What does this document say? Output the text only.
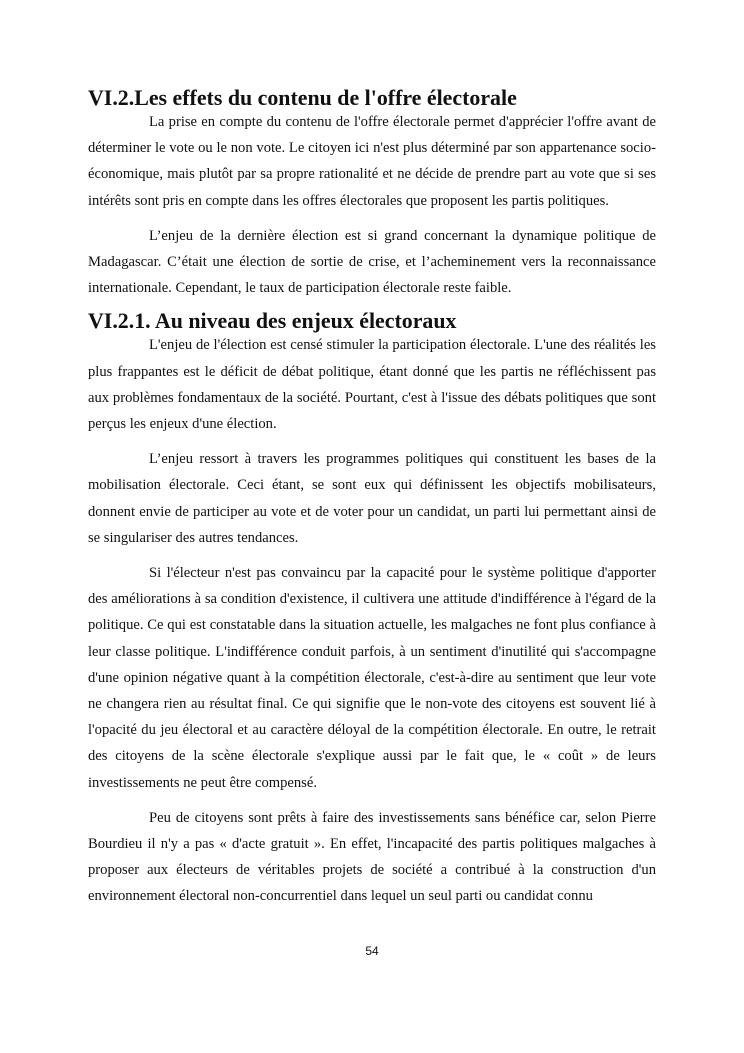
VI.2.Les effets du contenu de l'offre électorale

La prise en compte du contenu de l'offre électorale permet d'apprécier l'offre avant de déterminer le vote ou le non vote. Le citoyen ici n'est plus déterminé par son appartenance socio-économique, mais plutôt par sa propre rationalité et ne décide de prendre part au vote que si ses intérêts sont pris en compte dans les offres électorales que proposent les partis politiques.

L’enjeu de la dernière élection est si grand concernant la dynamique politique de Madagascar. C’était une élection de sortie de crise, et l’acheminement vers la reconnaissance internationale. Cependant, le taux de participation électorale reste faible.

VI.2.1. Au niveau des enjeux électoraux

L'enjeu de l'élection est censé stimuler la participation électorale. L'une des réalités les plus frappantes est le déficit de débat politique, étant donné que les partis ne réfléchissent pas aux problèmes fondamentaux de la société. Pourtant, c'est à l'issue des débats politiques que sont perçus les enjeux d'une élection.

L’enjeu ressort à travers les programmes politiques qui constituent les bases de la mobilisation électorale. Ceci étant, se sont eux qui définissent les objectifs mobilisateurs, donnent envie de participer au vote et de voter pour un candidat, un parti lui permettant ainsi de se singulariser des autres tendances.

Si l'électeur n'est pas convaincu par la capacité pour le système politique d'apporter des améliorations à sa condition d'existence, il cultivera une attitude d'indifférence à l'égard de la politique. Ce qui est constatable dans la situation actuelle, les malgaches ne font plus confiance à leur classe politique. L'indifférence conduit parfois, à un sentiment d'inutilité qui s'accompagne d'une opinion négative quant à la compétition électorale, c'est-à-dire au sentiment que leur vote ne changera rien au résultat final. Ce qui signifie que le non-vote des citoyens est souvent lié à l'opacité du jeu électoral et au caractère déloyal de la compétition électorale. En outre, le retrait des citoyens de la scène électorale s'explique aussi par le fait que, le « coût » de leurs investissements ne peut être compensé.

Peu de citoyens sont prêts à faire des investissements sans bénéfice car, selon Pierre Bourdieu il n'y a pas « d'acte gratuit ». En effet, l'incapacité des partis politiques malgaches à proposer aux électeurs de véritables projets de société a contribué à la construction d'un environnement électoral non-concurrentiel dans lequel un seul parti ou candidat connu

54
